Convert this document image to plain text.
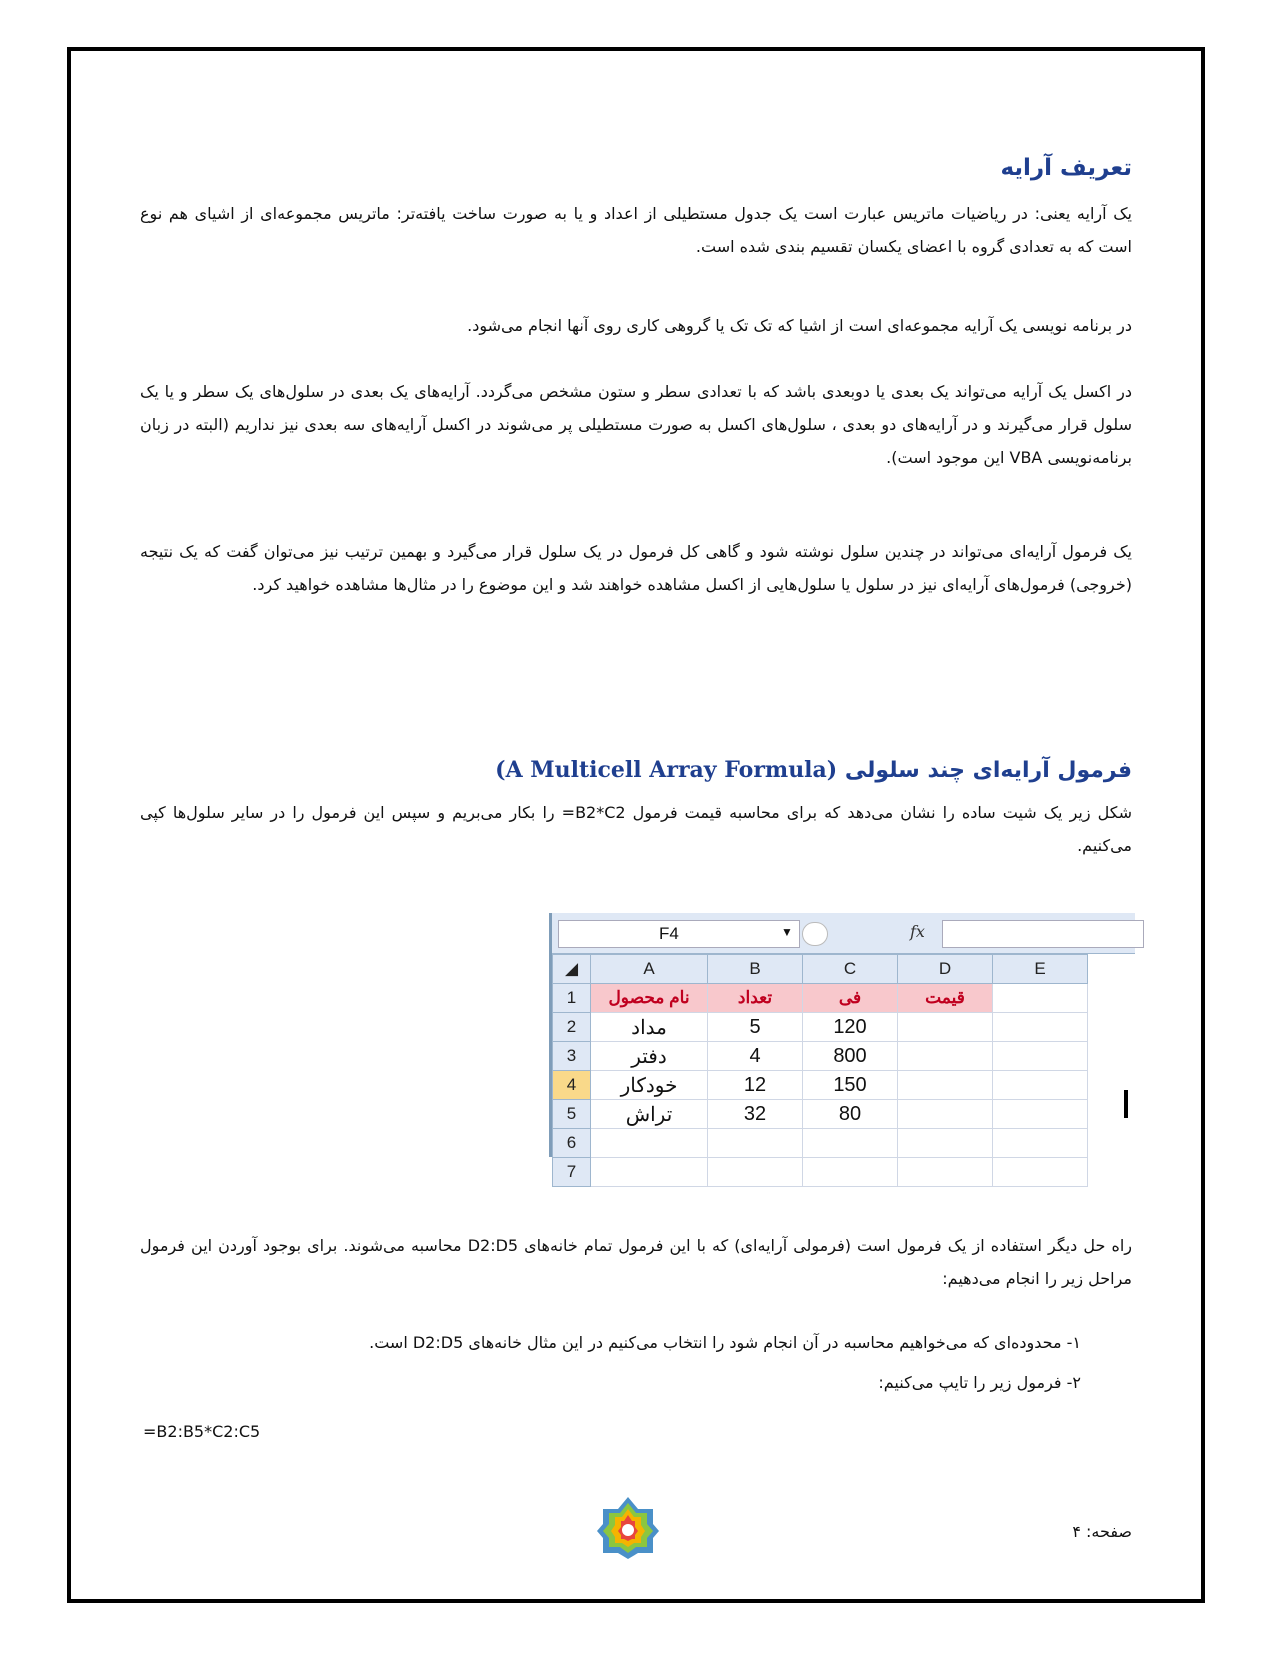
تعریف آرایه
یک آرایه یعنی: در ریاضیات ماتریس عبارت است یک جدول مستطیلی از اعداد و یا به صورت ساخت یافته‌تر: ماتریس مجموعه‌ای از اشیای هم نوع است که به تعدادی گروه با اعضای یکسان تقسیم بندی شده است.
در برنامه نویسی یک آرایه مجموعه‌ای است از اشیا که تک تک یا گروهی کاری روی آنها انجام می‌شود.
در اکسل یک آرایه می‌تواند یک بعدی یا دوبعدی باشد که با تعدادی سطر و ستون مشخص می‌گردد. آرایه‌های یک بعدی در سلول‌های یک سطر و یا یک سلول قرار می‌گیرند و در آرایه‌های دو بعدی ، سلول‌های اکسل به صورت مستطیلی پر می‌شوند در اکسل آرایه‌های سه بعدی نیز نداریم (البته در زبان برنامه‌نویسی VBA این موجود است).
یک فرمول آرایه‌ای می‌تواند در چندین سلول نوشته شود و گاهی کل فرمول در یک سلول قرار می‌گیرد و بهمین ترتیب نیز می‌توان گفت که یک نتیجه (خروجی) فرمول‌های آرایه‌ای نیز در سلول یا سلول‌هایی از اکسل مشاهده خواهند شد و این موضوع را در مثال‌ها مشاهده خواهید کرد.
فرمول آرایه‌ای چند سلولی (A Multicell Array Formula)
شکل زیر یک شیت ساده را نشان می‌دهد که برای محاسبه قیمت فرمول B2*C2= را بکار می‌بریم و سپس این فرمول را در سایر سلول‌ها کپی می‌کنیم.
F4	▼	fx
◢	A	B	C	D	E
1	نام محصول	تعداد	فی	قیمت	
2	مداد	5	120		
3	دفتر	4	800		
4	خودکار	12	150		
5	تراش	32	80		
6					
7					
راه حل دیگر استفاده از یک فرمول است (فرمولی آرایه‌ای) که با این فرمول تمام خانه‌های D2:D5 محاسبه می‌شوند. برای بوجود آوردن این فرمول مراحل زیر را انجام می‌دهیم:
۱- محدوده‌ای که می‌خواهیم محاسبه در آن انجام شود را انتخاب می‌کنیم در این مثال خانه‌های D2:D5 است.
۲- فرمول زیر را تایپ می‌کنیم:
=B2:B5*C2:C5
صفحه: ۴
